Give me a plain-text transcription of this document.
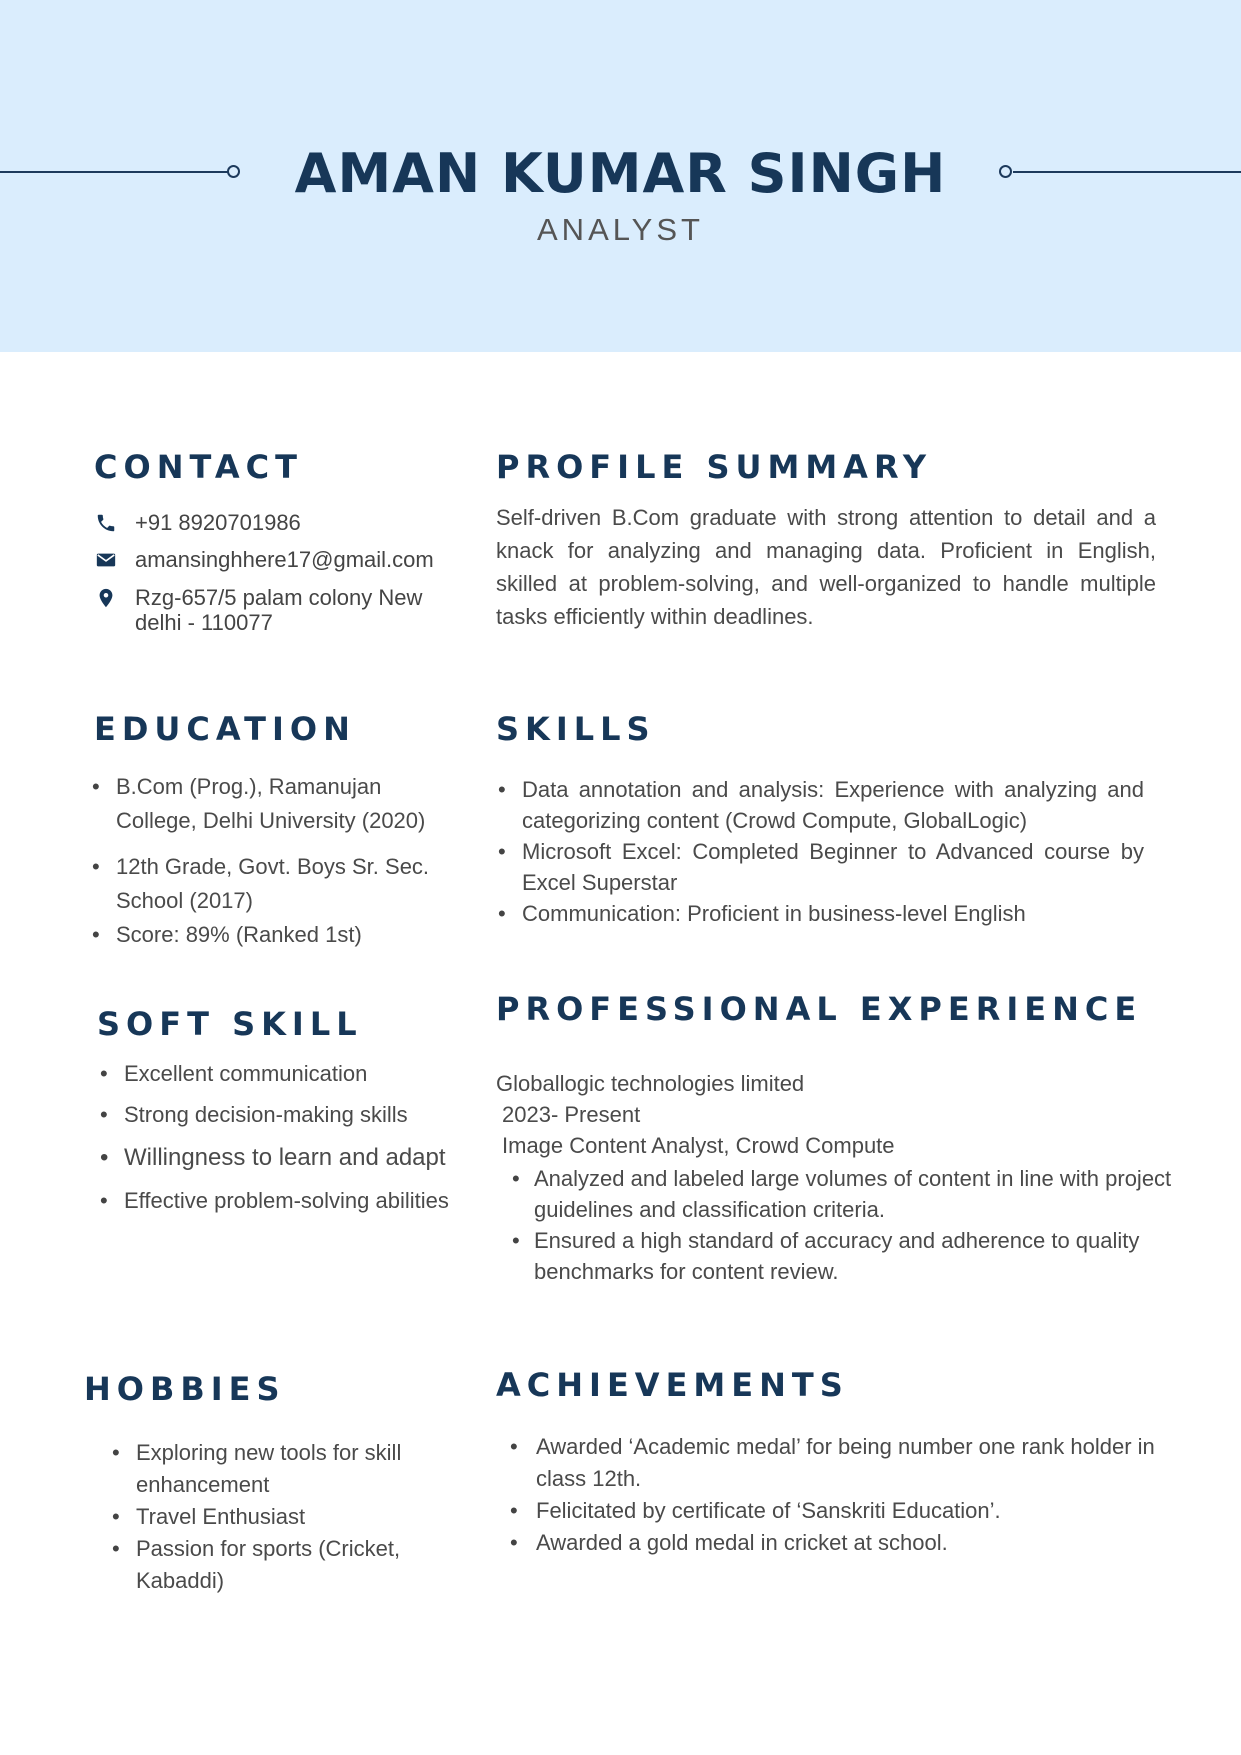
AMAN KUMAR SINGH
ANALYST
CONTACT
+91 8920701986
amansinghhere17@gmail.com
Rzg-657/5 palam colony New
delhi - 110077
PROFILE SUMMARY
Self-driven B.Com graduate with strong attention to detail and a knack for analyzing and managing data. Proficient in English, skilled at problem-solving, and well-organized to handle multiple tasks efficiently within deadlines.
EDUCATION
• B.Com (Prog.), Ramanujan College, Delhi University (2020)
• 12th Grade, Govt. Boys Sr. Sec. School (2017)
• Score: 89% (Ranked 1st)
SKILLS
• Data annotation and analysis: Experience with analyzing and categorizing content (Crowd Compute, GlobalLogic)
• Microsoft Excel: Completed Beginner to Advanced course by Excel Superstar
• Communication: Proficient in business-level English
SOFT SKILL
• Excellent communication
• Strong decision-making skills
• Willingness to learn and adapt
• Effective problem-solving abilities
PROFESSIONAL EXPERIENCE
Globallogic technologies limited
2023- Present
Image Content Analyst, Crowd Compute
• Analyzed and labeled large volumes of content in line with project guidelines and classification criteria.
• Ensured a high standard of accuracy and adherence to quality benchmarks for content review.
HOBBIES
• Exploring new tools for skill enhancement
• Travel Enthusiast
• Passion for sports (Cricket, Kabaddi)
ACHIEVEMENTS
• Awarded ‘Academic medal’ for being number one rank holder in class 12th.
• Felicitated by certificate of ‘Sanskriti Education’.
• Awarded a gold medal in cricket at school.
